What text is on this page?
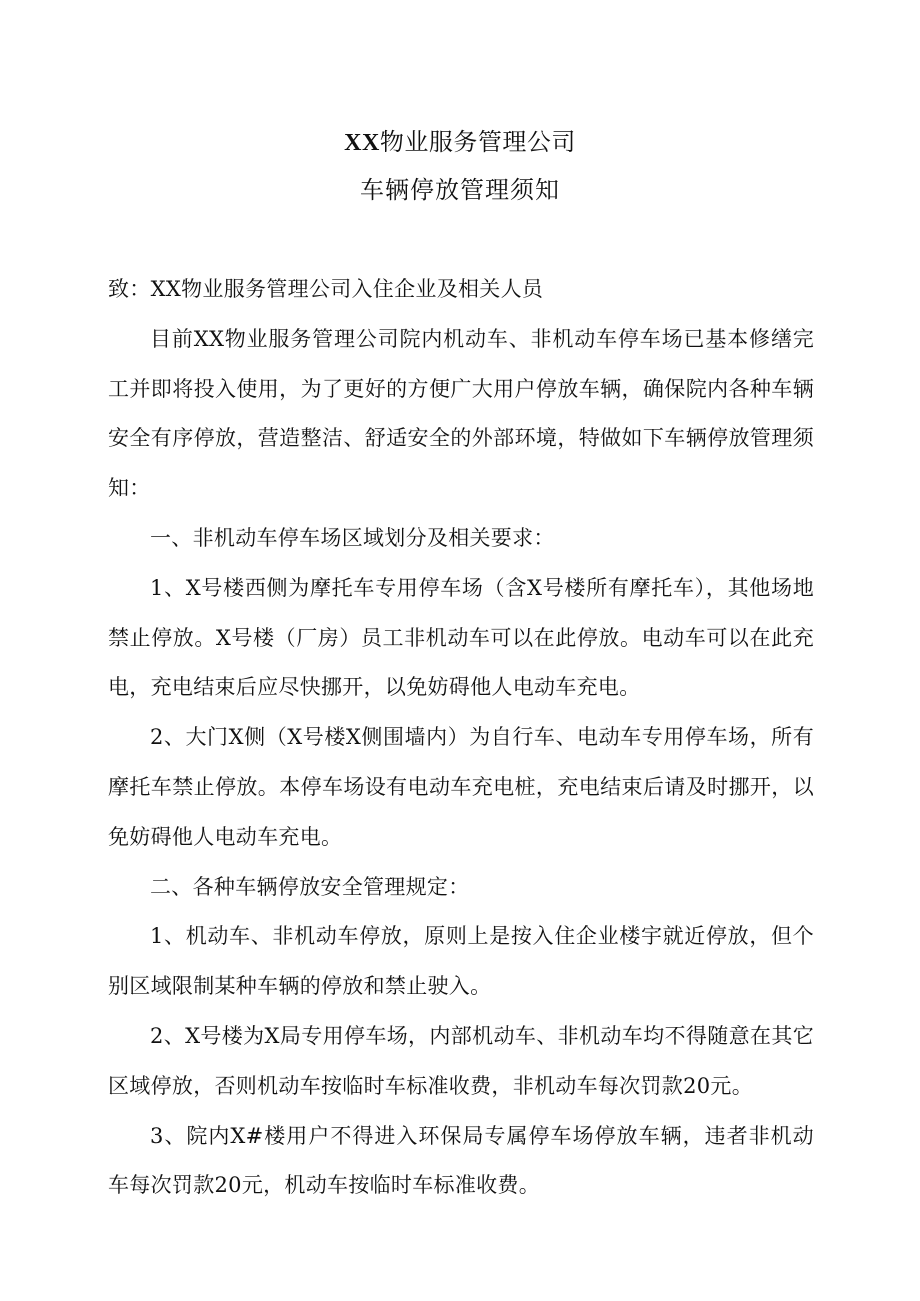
XX物业服务管理公司
车辆停放管理须知

致：XX物业服务管理公司入住企业及相关人员

目前XX物业服务管理公司院内机动车、非机动车停车场已基本修缮完工并即将投入使用，为了更好的方便广大用户停放车辆，确保院内各种车辆安全有序停放，营造整洁、舒适安全的外部环境，特做如下车辆停放管理须知：

一、非机动车停车场区域划分及相关要求：

1、X号楼西侧为摩托车专用停车场（含X号楼所有摩托车），其他场地禁止停放。X号楼（厂房）员工非机动车可以在此停放。电动车可以在此充电，充电结束后应尽快挪开，以免妨碍他人电动车充电。

2、大门X侧（X号楼X侧围墙内）为自行车、电动车专用停车场，所有摩托车禁止停放。本停车场设有电动车充电桩，充电结束后请及时挪开，以免妨碍他人电动车充电。

二、各种车辆停放安全管理规定：

1、机动车、非机动车停放，原则上是按入住企业楼宇就近停放，但个别区域限制某种车辆的停放和禁止驶入。

2、X号楼为X局专用停车场，内部机动车、非机动车均不得随意在其它区域停放，否则机动车按临时车标准收费，非机动车每次罚款20元。

3、院内X#楼用户不得进入环保局专属停车场停放车辆，违者非机动车每次罚款20元，机动车按临时车标准收费。
